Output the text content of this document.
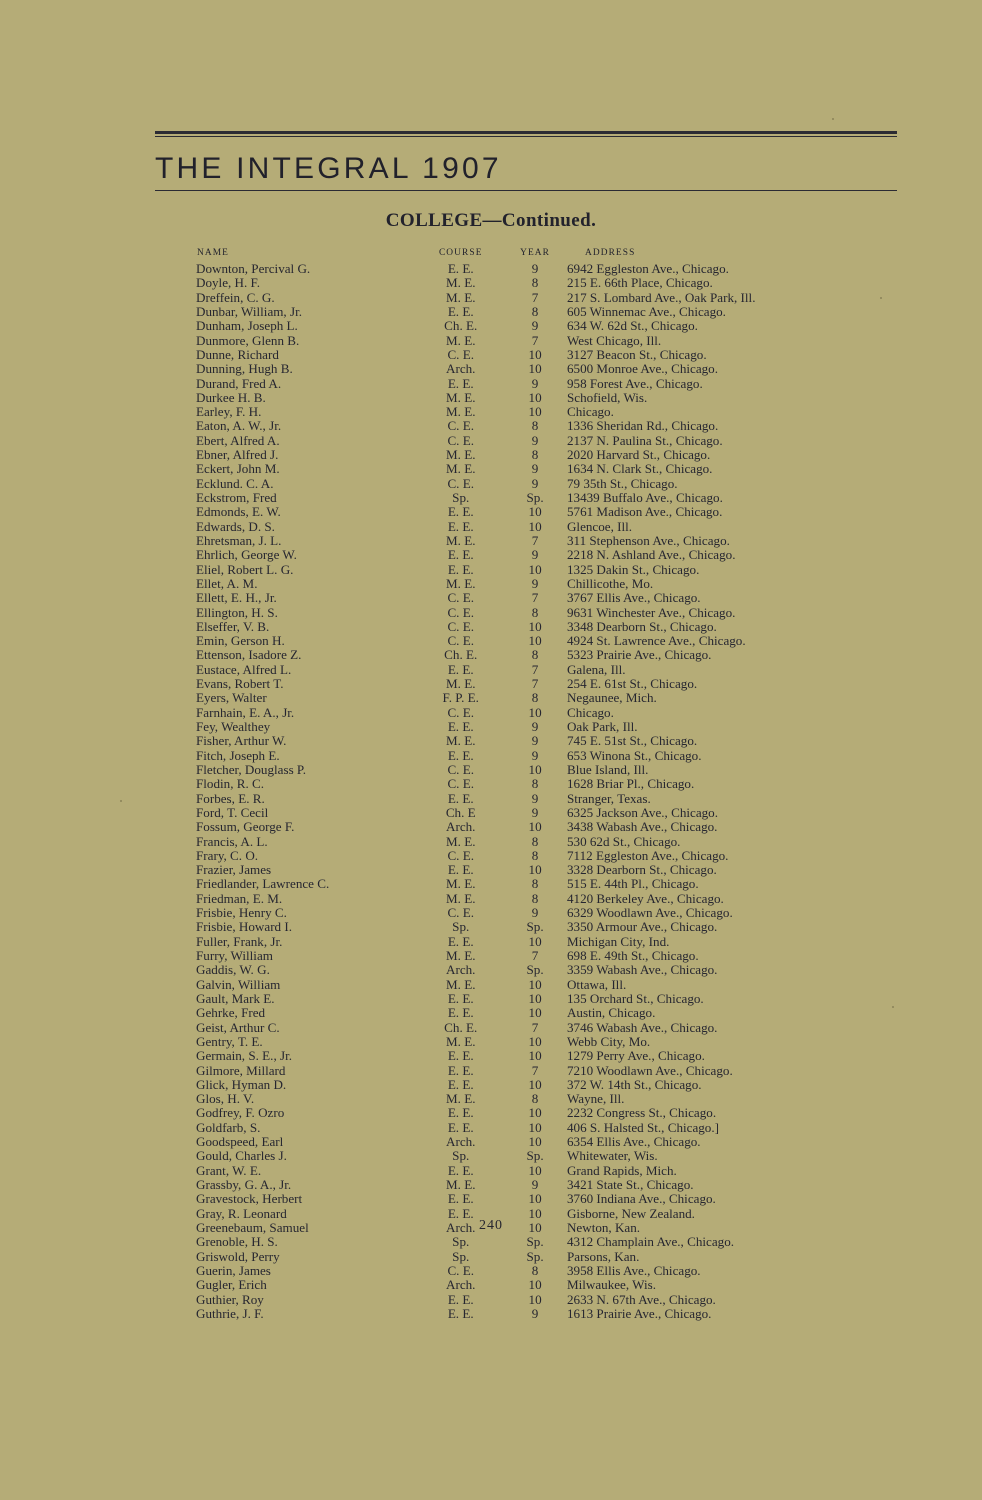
THE INTEGRAL 1907
COLLEGE—Continued.
NAME	COURSE	YEAR	ADDRESS
Downton, Percival G.	E. E.	9	6942 Eggleston Ave., Chicago.
Doyle, H. F.	M. E.	8	215 E. 66th Place, Chicago.
Dreffein, C. G.	M. E.	7	217 S. Lombard Ave., Oak Park, Ill.
Dunbar, William, Jr.	E. E.	8	605 Winnemac Ave., Chicago.
Dunham, Joseph L.	Ch. E.	9	634 W. 62d St., Chicago.
Dunmore, Glenn B.	M. E.	7	West Chicago, Ill.
Dunne, Richard	C. E.	10	3127 Beacon St., Chicago.
Dunning, Hugh B.	Arch.	10	6500 Monroe Ave., Chicago.
Durand, Fred A.	E. E.	9	958 Forest Ave., Chicago.
Durkee H. B.	M. E.	10	Schofield, Wis.
Earley, F. H.	M. E.	10	Chicago.
Eaton, A. W., Jr.	C. E.	8	1336 Sheridan Rd., Chicago.
Ebert, Alfred A.	C. E.	9	2137 N. Paulina St., Chicago.
Ebner, Alfred J.	M. E.	8	2020 Harvard St., Chicago.
Eckert, John M.	M. E.	9	1634 N. Clark St., Chicago.
Ecklund. C. A.	C. E.	9	79 35th St., Chicago.
Eckstrom, Fred	Sp.	Sp.	13439 Buffalo Ave., Chicago.
Edmonds, E. W.	E. E.	10	5761 Madison Ave., Chicago.
Edwards, D. S.	E. E.	10	Glencoe, Ill.
Ehretsman, J. L.	M. E.	7	311 Stephenson Ave., Chicago.
Ehrlich, George W.	E. E.	9	2218 N. Ashland Ave., Chicago.
Eliel, Robert L. G.	E. E.	10	1325 Dakin St., Chicago.
Ellet, A. M.	M. E.	9	Chillicothe, Mo.
Ellett, E. H., Jr.	C. E.	7	3767 Ellis Ave., Chicago.
Ellington, H. S.	C. E.	8	9631 Winchester Ave., Chicago.
Elseffer, V. B.	C. E.	10	3348 Dearborn St., Chicago.
Emin, Gerson H.	C. E.	10	4924 St. Lawrence Ave., Chicago.
Ettenson, Isadore Z.	Ch. E.	8	5323 Prairie Ave., Chicago.
Eustace, Alfred L.	E. E.	7	Galena, Ill.
Evans, Robert T.	M. E.	7	254 E. 61st St., Chicago.
Eyers, Walter	F. P. E.	8	Negaunee, Mich.
Farnhain, E. A., Jr.	C. E.	10	Chicago.
Fey, Wealthey	E. E.	9	Oak Park, Ill.
Fisher, Arthur W.	M. E.	9	745 E. 51st St., Chicago.
Fitch, Joseph E.	E. E.	9	653 Winona St., Chicago.
Fletcher, Douglass P.	C. E.	10	Blue Island, Ill.
Flodin, R. C.	C. E.	8	1628 Briar Pl., Chicago.
Forbes, E. R.	E. E.	9	Stranger, Texas.
Ford, T. Cecil	Ch. E	9	6325 Jackson Ave., Chicago.
Fossum, George F.	Arch.	10	3438 Wabash Ave., Chicago.
Francis, A. L.	M. E.	8	530 62d St., Chicago.
Frary, C. O.	C. E.	8	7112 Eggleston Ave., Chicago.
Frazier, James	E. E.	10	3328 Dearborn St., Chicago.
Friedlander, Lawrence C.	M. E.	8	515 E. 44th Pl., Chicago.
Friedman, E. M.	M. E.	8	4120 Berkeley Ave., Chicago.
Frisbie, Henry C.	C. E.	9	6329 Woodlawn Ave., Chicago.
Frisbie, Howard I.	Sp.	Sp.	3350 Armour Ave., Chicago.
Fuller, Frank, Jr.	E. E.	10	Michigan City, Ind.
Furry, William	M. E.	7	698 E. 49th St., Chicago.
Gaddis, W. G.	Arch.	Sp.	3359 Wabash Ave., Chicago.
Galvin, William	M. E.	10	Ottawa, Ill.
Gault, Mark E.	E. E.	10	135 Orchard St., Chicago.
Gehrke, Fred	E. E.	10	Austin, Chicago.
Geist, Arthur C.	Ch. E.	7	3746 Wabash Ave., Chicago.
Gentry, T. E.	M. E.	10	Webb City, Mo.
Germain, S. E., Jr.	E. E.	10	1279 Perry Ave., Chicago.
Gilmore, Millard	E. E.	7	7210 Woodlawn Ave., Chicago.
Glick, Hyman D.	E. E.	10	372 W. 14th St., Chicago.
Glos, H. V.	M. E.	8	Wayne, Ill.
Godfrey, F. Ozro	E. E.	10	2232 Congress St., Chicago.
Goldfarb, S.	E. E.	10	406 S. Halsted St., Chicago.]
Goodspeed, Earl	Arch.	10	6354 Ellis Ave., Chicago.
Gould, Charles J.	Sp.	Sp.	Whitewater, Wis.
Grant, W. E.	E. E.	10	Grand Rapids, Mich.
Grassby, G. A., Jr.	M. E.	9	3421 State St., Chicago.
Gravestock, Herbert	E. E.	10	3760 Indiana Ave., Chicago.
Gray, R. Leonard	E. E.	10	Gisborne, New Zealand.
Greenebaum, Samuel	Arch.	10	Newton, Kan.
Grenoble, H. S.	Sp.	Sp.	4312 Champlain Ave., Chicago.
Griswold, Perry	Sp.	Sp.	Parsons, Kan.
Guerin, James	C. E.	8	3958 Ellis Ave., Chicago.
Gugler, Erich	Arch.	10	Milwaukee, Wis.
Guthier, Roy	E. E.	10	2633 N. 67th Ave., Chicago.
Guthrie, J. F.	E. E.	9	1613 Prairie Ave., Chicago.
240
